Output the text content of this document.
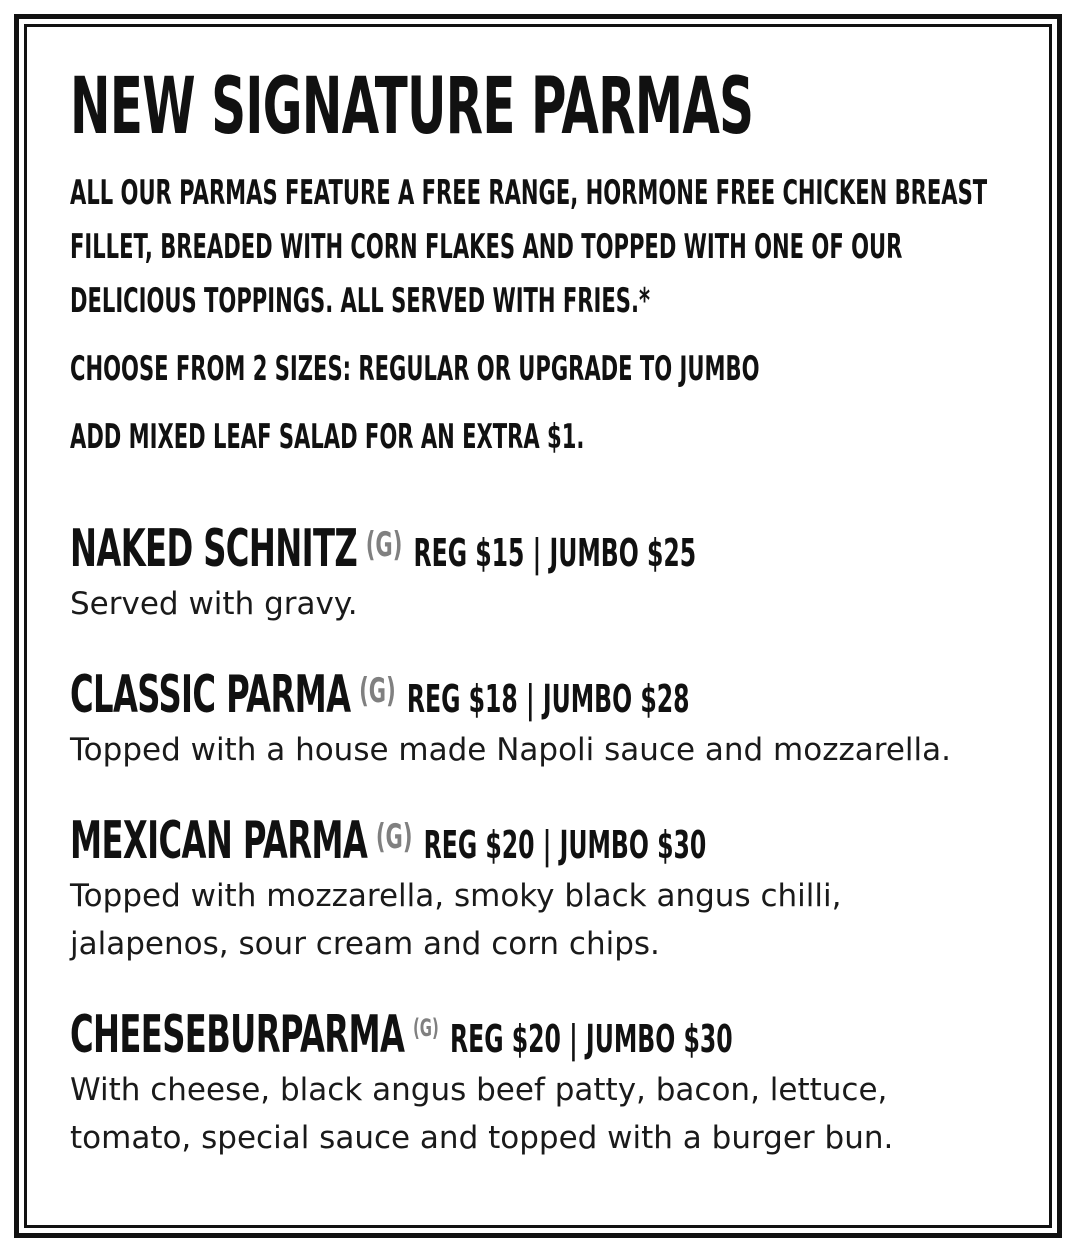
NEW SIGNATURE PARMAS
ALL OUR PARMAS FEATURE A FREE RANGE, HORMONE FREE CHICKEN BREAST
FILLET, BREADED WITH CORN FLAKES AND TOPPED WITH ONE OF OUR
DELICIOUS TOPPINGS. ALL SERVED WITH FRIES.*
CHOOSE FROM 2 SIZES: REGULAR OR UPGRADE TO JUMBO
ADD MIXED LEAF SALAD FOR AN EXTRA $1.
NAKED SCHNITZ (G) REG $15 | JUMBO $25
Served with gravy.
CLASSIC PARMA (G) REG $18 | JUMBO $28
Topped with a house made Napoli sauce and mozzarella.
MEXICAN PARMA (G) REG $20 | JUMBO $30
Topped with mozzarella, smoky black angus chilli,
jalapenos, sour cream and corn chips.
CHEESEBURPARMA (G) REG $20 | JUMBO $30
With cheese, black angus beef patty, bacon, lettuce,
tomato, special sauce and topped with a burger bun.
